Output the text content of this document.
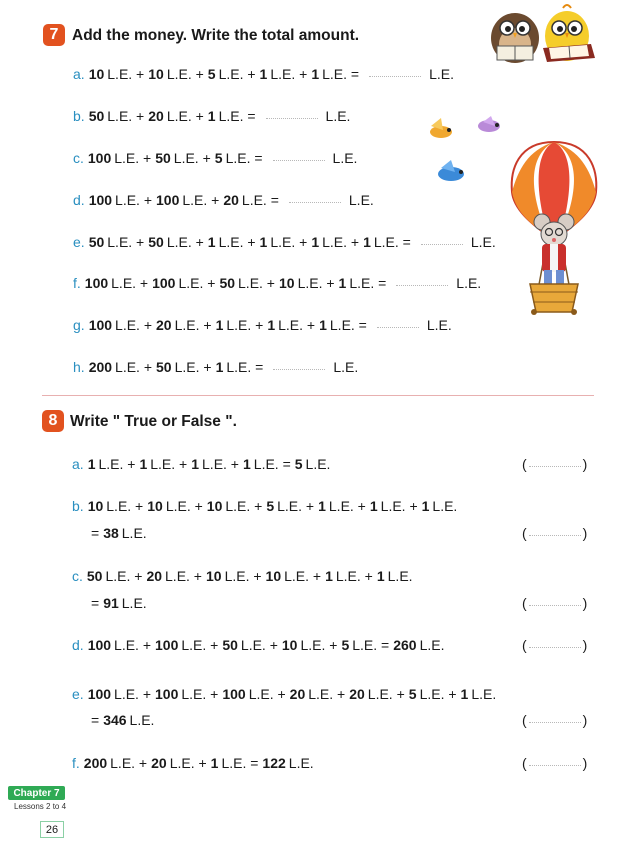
7 Add the money. Write the total amount.
a. 10 L.E. + 10 L.E. + 5 L.E. + 1 L.E. + 1 L.E. =	L.E.
b. 50 L.E. + 20 L.E. + 1 L.E. =	L.E.
c. 100 L.E. + 50 L.E. + 5 L.E. =	L.E.
d. 100 L.E. + 100 L.E. + 20 L.E. =	L.E.
e. 50 L.E. + 50 L.E. + 1 L.E. + 1 L.E. + 1 L.E. + 1 L.E. =	L.E.
f. 100 L.E. + 100 L.E. + 50 L.E. + 10 L.E. + 1 L.E. =	L.E.
g. 100 L.E. + 20 L.E. + 1 L.E. + 1 L.E. + 1 L.E. =	L.E.
h. 200 L.E. + 50 L.E. + 1 L.E. =	L.E.
8 Write " True or False ".
a. 1 L.E. + 1 L.E. + 1 L.E. + 1 L.E. = 5 L.E.	(	)
b. 10 L.E. + 10 L.E. + 10 L.E. + 5 L.E. + 1 L.E. + 1 L.E. + 1 L.E.
= 38 L.E.	(	)
c. 50 L.E. + 20 L.E. + 10 L.E. + 10 L.E. + 1 L.E. + 1 L.E.
= 91 L.E.	(	)
d. 100 L.E. + 100 L.E. + 50 L.E. + 10 L.E. + 5 L.E. = 260 L.E.	(	)
e. 100 L.E. + 100 L.E. + 100 L.E. + 20 L.E. + 20 L.E. + 5 L.E. + 1 L.E.
= 346 L.E.	(	)
f. 200 L.E. + 20 L.E. + 1 L.E. = 122 L.E.	(	)
Chapter 7
Lessons 2 to 4
26
